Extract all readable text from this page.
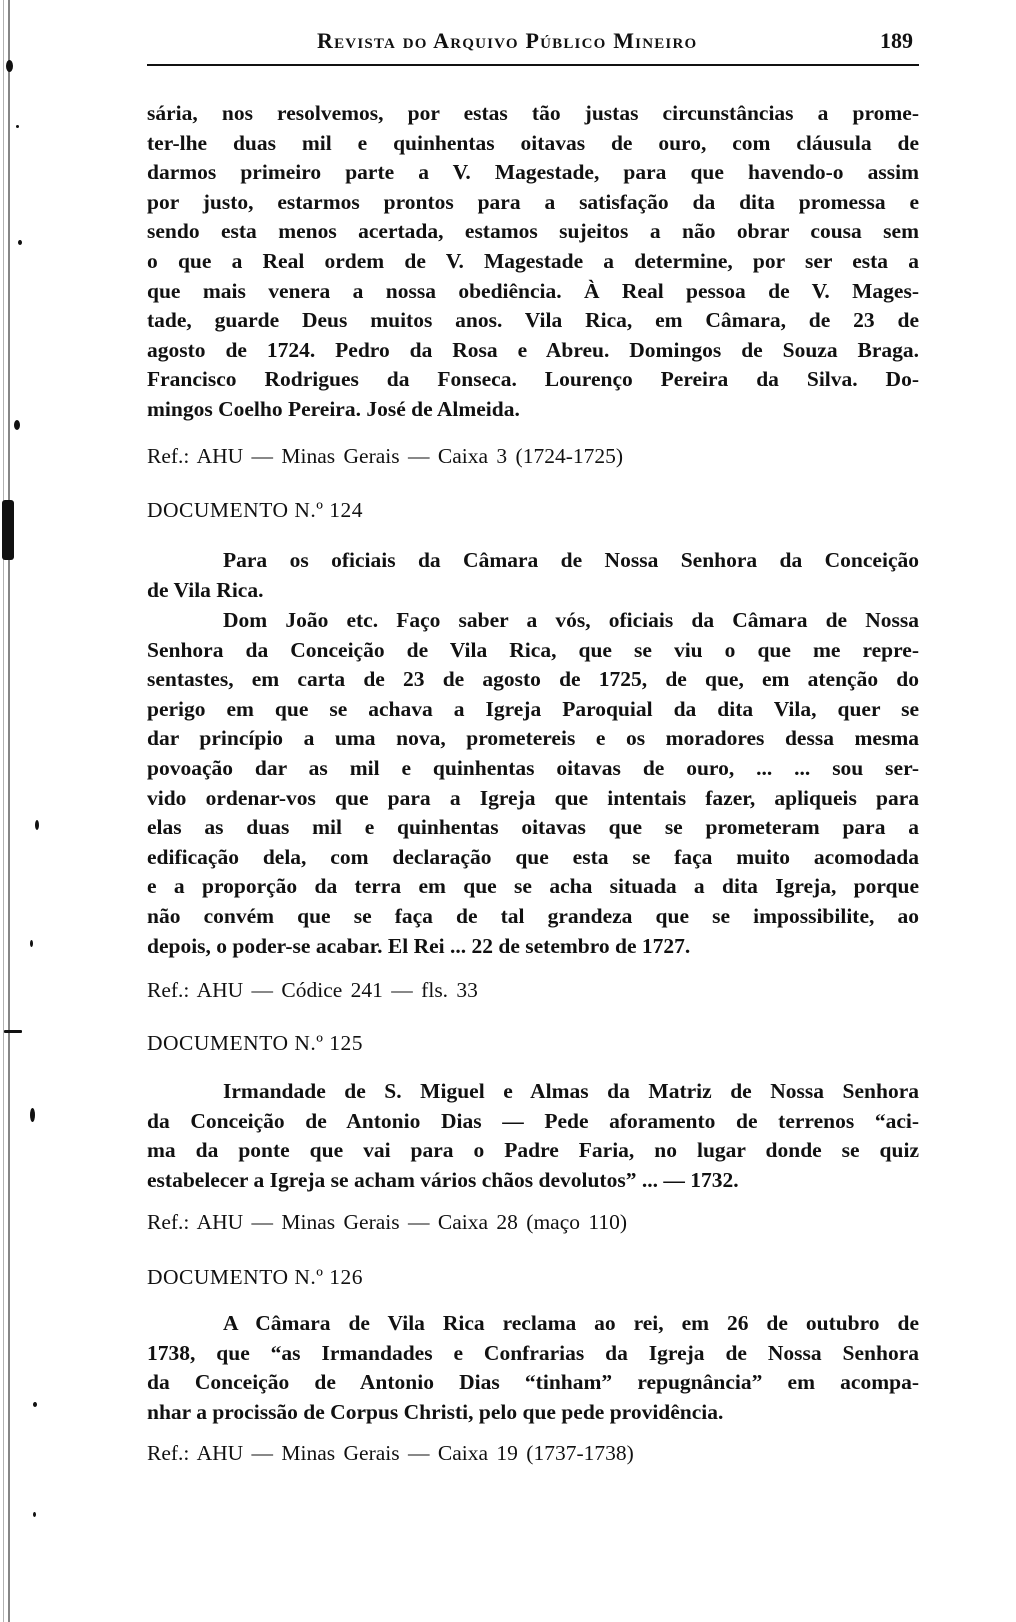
Revista do Arquivo Público Mineiro	189
sária, nos resolvemos, por estas tão justas circunstâncias a prome-
ter-lhe duas mil e quinhentas oitavas de ouro, com cláusula de
darmos primeiro parte a V. Magestade, para que havendo-o assim
por justo, estarmos prontos para a satisfação da dita promessa e
sendo esta menos acertada, estamos sujeitos a não obrar cousa sem
o que a Real ordem de V. Magestade a determine, por ser esta a
que mais venera a nossa obediência. À Real pessoa de V. Mages-
tade, guarde Deus muitos anos. Vila Rica, em Câmara, de 23 de
agosto de 1724. Pedro da Rosa e Abreu. Domingos de Souza Braga.
Francisco Rodrigues da Fonseca. Lourenço Pereira da Silva. Do-
mingos Coelho Pereira. José de Almeida.
Ref.: AHU — Minas Gerais — Caixa 3 (1724-1725)
DOCUMENTO N.º 124
Para os oficiais da Câmara de Nossa Senhora da Conceição
de Vila Rica.
Dom João etc. Faço saber a vós, oficiais da Câmara de Nossa
Senhora da Conceição de Vila Rica, que se viu o que me repre-
sentastes, em carta de 23 de agosto de 1725, de que, em atenção do
perigo em que se achava a Igreja Paroquial da dita Vila, quer se
dar princípio a uma nova, prometereis e os moradores dessa mesma
povoação dar as mil e quinhentas oitavas de ouro, ... ... sou ser-
vido ordenar-vos que para a Igreja que intentais fazer, apliqueis para
elas as duas mil e quinhentas oitavas que se prometeram para a
edificação dela, com declaração que esta se faça muito acomodada
e a proporção da terra em que se acha situada a dita Igreja, porque
não convém que se faça de tal grandeza que se impossibilite, ao
depois, o poder-se acabar. El Rei ... 22 de setembro de 1727.
Ref.: AHU — Códice 241 — fls. 33
DOCUMENTO N.º 125
Irmandade de S. Miguel e Almas da Matriz de Nossa Senhora
da Conceição de Antonio Dias — Pede aforamento de terrenos “aci-
ma da ponte que vai para o Padre Faria, no lugar donde se quiz
estabelecer a Igreja se acham vários chãos devolutos” ... — 1732.
Ref.: AHU — Minas Gerais — Caixa 28 (maço 110)
DOCUMENTO N.º 126
A Câmara de Vila Rica reclama ao rei, em 26 de outubro de
1738, que “as Irmandades e Confrarias da Igreja de Nossa Senhora
da Conceição de Antonio Dias “tinham” repugnância” em acompa-
nhar a procissão de Corpus Christi, pelo que pede providência.
Ref.: AHU — Minas Gerais — Caixa 19 (1737-1738)
